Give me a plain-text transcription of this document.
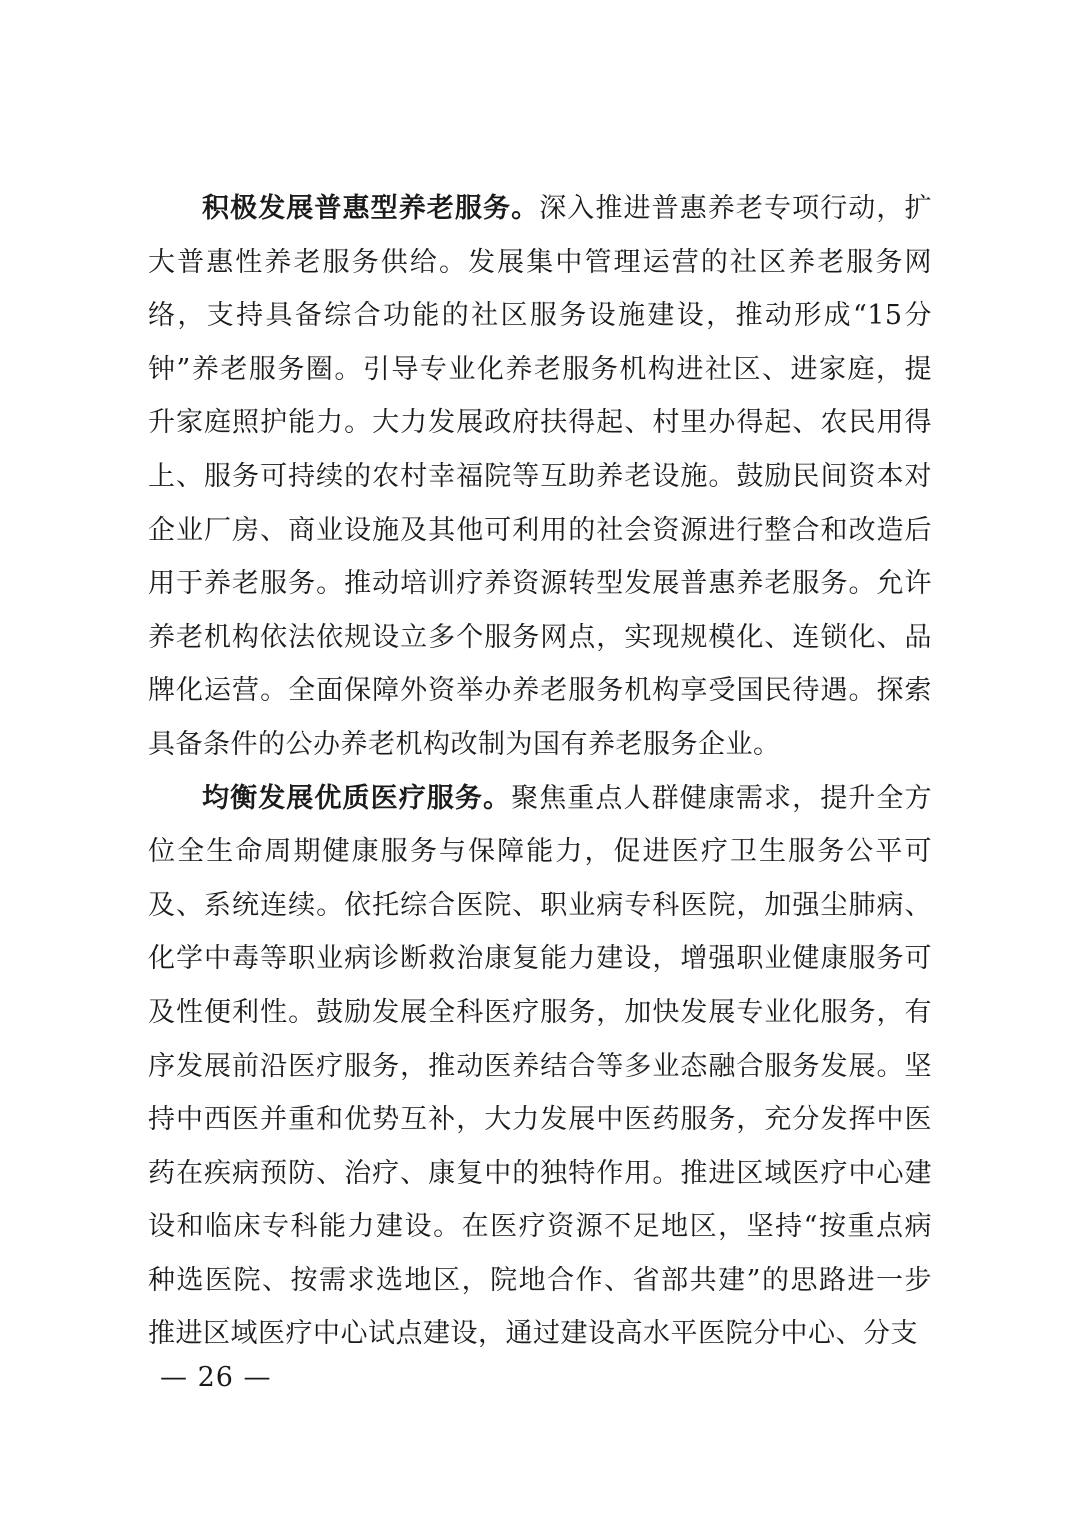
积极发展普惠型养老服务。深入推进普惠养老专项行动，扩大普惠性养老服务供给。发展集中管理运营的社区养老服务网络，支持具备综合功能的社区服务设施建设，推动形成“15分钟”养老服务圈。引导专业化养老服务机构进社区、进家庭，提升家庭照护能力。大力发展政府扶得起、村里办得起、农民用得上、服务可持续的农村幸福院等互助养老设施。鼓励民间资本对企业厂房、商业设施及其他可利用的社会资源进行整合和改造后用于养老服务。推动培训疗养资源转型发展普惠养老服务。允许养老机构依法依规设立多个服务网点，实现规模化、连锁化、品牌化运营。全面保障外资举办养老服务机构享受国民待遇。探索具备条件的公办养老机构改制为国有养老服务企业。

均衡发展优质医疗服务。聚焦重点人群健康需求，提升全方位全生命周期健康服务与保障能力，促进医疗卫生服务公平可及、系统连续。依托综合医院、职业病专科医院，加强尘肺病、化学中毒等职业病诊断救治康复能力建设，增强职业健康服务可及性便利性。鼓励发展全科医疗服务，加快发展专业化服务，有序发展前沿医疗服务，推动医养结合等多业态融合服务发展。坚持中西医并重和优势互补，大力发展中医药服务，充分发挥中医药在疾病预防、治疗、康复中的独特作用。推进区域医疗中心建设和临床专科能力建设。在医疗资源不足地区，坚持“按重点病种选医院、按需求选地区，院地合作、省部共建”的思路进一步推进区域医疗中心试点建设，通过建设高水平医院分中心、分支

— 26 —
